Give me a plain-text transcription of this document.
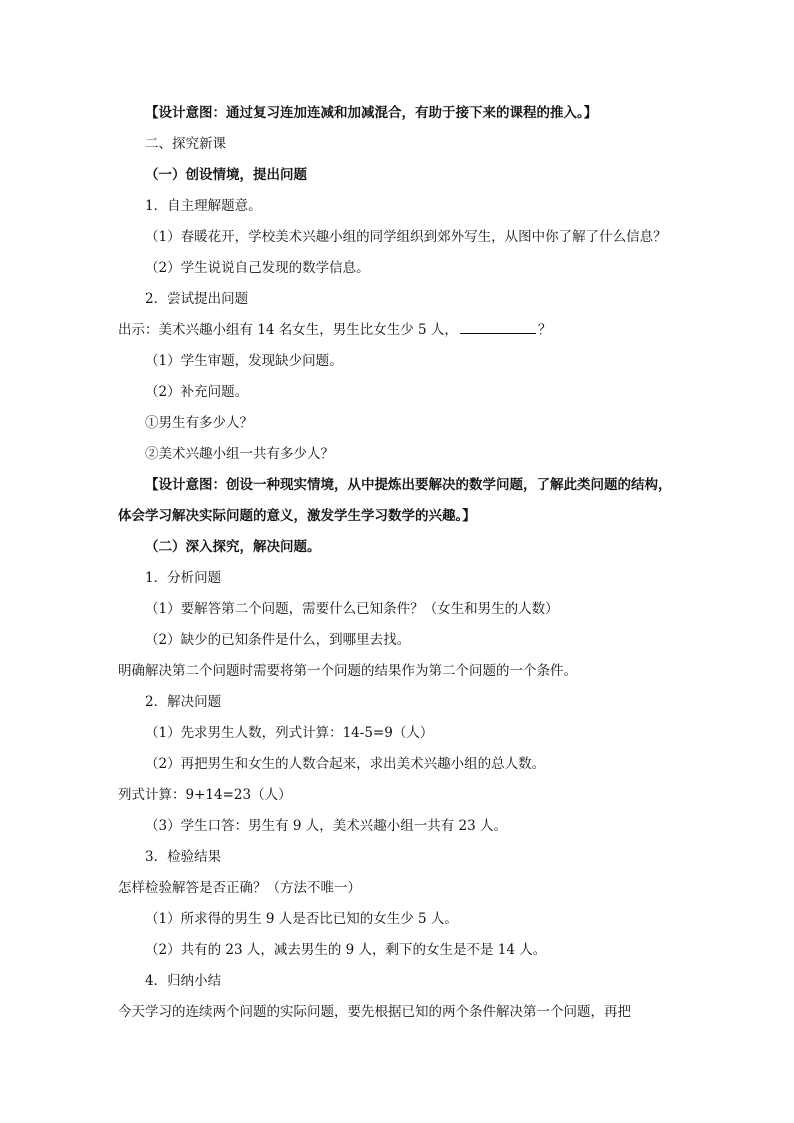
【设计意图：通过复习连加连减和加减混合，有助于接下来的课程的推入。】
二、探究新课
（一）创设情境，提出问题
1．自主理解题意。
（1）春暖花开，学校美术兴趣小组的同学组织到郊外写生，从图中你了解了什么信息？
（2）学生说说自己发现的数学信息。
2．尝试提出问题
出示：美术兴趣小组有 14 名女生，男生比女生少 5 人，	？
（1）学生审题，发现缺少问题。
（2）补充问题。
①男生有多少人？
②美术兴趣小组一共有多少人？
【设计意图：创设一种现实情境，从中提炼出要解决的数学问题，了解此类问题的结构，体会学习解决实际问题的意义，激发学生学习数学的兴趣。】
（二）深入探究，解决问题。
1．分析问题
（1）要解答第二个问题，需要什么已知条件？（女生和男生的人数）
（2）缺少的已知条件是什么，到哪里去找。
明确解决第二个问题时需要将第一个问题的结果作为第二个问题的一个条件。
2．解决问题
（1）先求男生人数，列式计算：14-5=9（人）
（2）再把男生和女生的人数合起来，求出美术兴趣小组的总人数。
列式计算：9+14=23（人）
（3）学生口答：男生有 9 人，美术兴趣小组一共有 23 人。
3．检验结果
怎样检验解答是否正确？（方法不唯一）
（1）所求得的男生 9 人是否比已知的女生少 5 人。
（2）共有的 23 人，减去男生的 9 人，剩下的女生是不是 14 人。
4．归纳小结
今天学习的连续两个问题的实际问题，要先根据已知的两个条件解决第一个问题，再把
